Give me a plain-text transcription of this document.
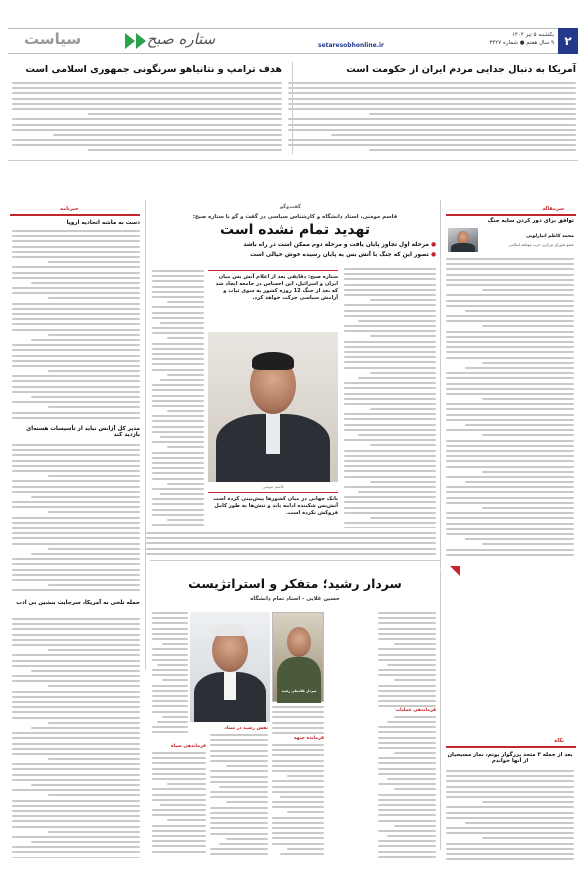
۲
یکشنبه ۵ تیر ۱۴۰۴
۹ سال هفتم ● شماره ۳۴۲۷
setaresobhonline.ir
ستاره صبح
سیاست
آمریکا به دنبال جدایی مردم ایران از حکومت است
هدف ترامپ و نتانیاهو سرنگونی جمهوری اسلامی است
سرمقاله
توافق برای دور کردن سایه جنگ
محمد کاظم انبارلویی
عضو شورای مرکزی حزب موتلفه اسلامی
گفت‌وگو
قاسم مومنی، استاد دانشگاه و کارشناس سیاسی در گفت و گو با ستاره صبح:
تهدید تمام نشده است
● مرحله اول تجاوز پایان یافت و مرحله دوم ممکن است در راه باشد
● تصور این که جنگ با آتش بس به پایان رسیده خوش خیالی است
ستاره صبح: دقایقی بعد از اعلام آتش بس میان ایران و اسرائیل، این احساس در جامعه ایجاد شد که بعد از جنگ 12 روزه کشور به سوی ثبات و آرامش سیاسی حرکت خواهد کرد.
قاسم مومنی
بانک جهانی در میان کشورها پیش‌بینی کرده است آتش‌بس شکننده ادامه یابد و تنش‌ها به طور کامل فروکش نکرده است.
خبرنامه
دست به ماشه اتحادیه اروپا
مدیر کل آژانس نباید از تأسیسات هسته‌ای بازدید کند
حمله تلخی به آمریکا، سرجایت بنشین بی ادب
یادداشت
سردار رشید؛ متفکر و استراتژیست
حسین علایی - استاد تمام دانشگاه
سردار غلامعلی رشید
فرمانده جبهه
نقش رشید در ستاد
فرماندهی سپاه
فرماندهی عملیات
نگاه
بعد از حمله ۳ متحد بزرگوار پوتم، نماز مسیحیان از آنها خواندم
